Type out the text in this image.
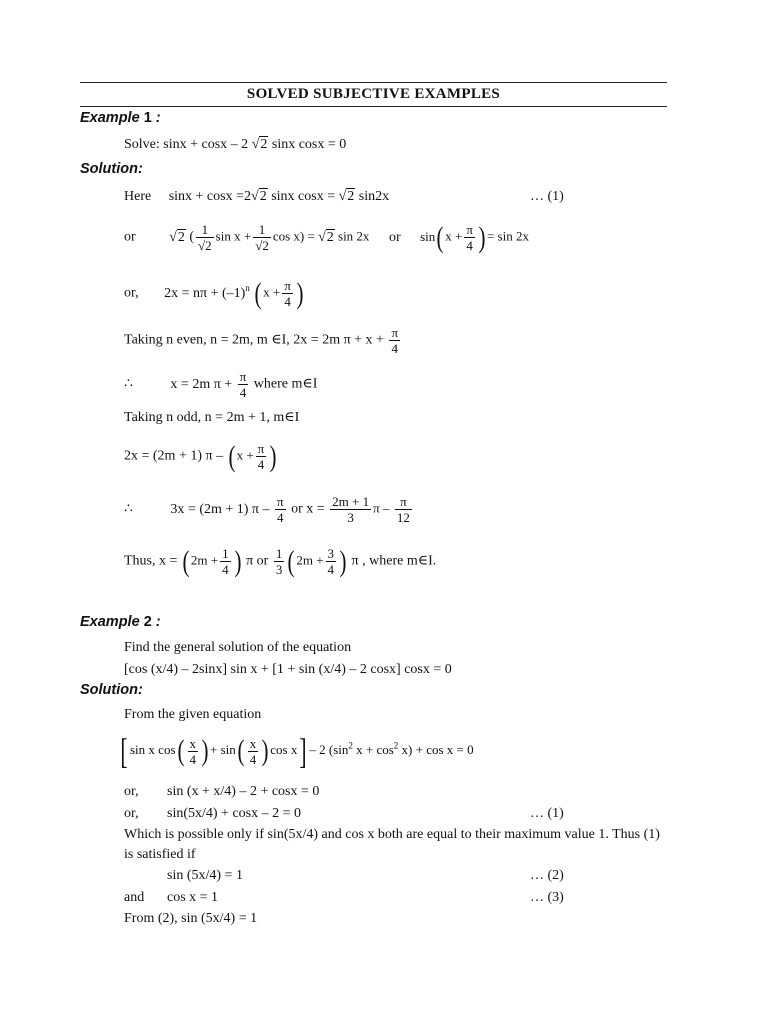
SOLVED SUBJECTIVE EXAMPLES
Example 1 :
Solve: sinx + cosx – 2 √2 sinx cosx = 0
Solution:
Here sinx + cosx =2√2 sinx cosx = √2 sin2x	… (1)
or √2 ( $\frac{1}{√2}$ $\sin x + \frac{1}{√2}$ cos x) = √2 sin 2x or sin( $x + \frac{\pi}{4}$ ) = sin 2x
or, $2x = n\pi + (-1)^n$ ( $x + \frac{\pi}{4}$ )
Taking n even, n = 2m, m ∈I, 2x = 2m $\pi + x + \frac{\pi}{4}$
∴	x = 2m $\pi + \frac{\pi}{4}$ where m∈I
Taking n odd, n = 2m + 1, m∈I
2x = (2m + 1) π – ( $x + \frac{\pi}{4}$ )
∴	3x = (2m + 1) π – $\frac{\pi}{4}$ or $x = \frac{2m + 1}{3}$ π – $\frac{\pi}{12}$
Thus, x = ( $2m + \frac{1}{4}$ ) π or $\frac{1}{3}$ ( $2m + \frac{3}{4}$ ) π , where m∈I.
Example 2 :
Find the general solution of the equation
[cos (x/4) – 2sinx] sin x + [1 + sin (x/4) – 2 cosx] cosx = 0
Solution:
From the given equation
[ sin x $\cos( \frac{x}{4}$ ) + $\sin( \frac{x}{4}$ ) cos x] – 2 ($\sin^2$ $x + \cos^2 x) + \cos x = 0$
or, sin (x + x/4) – 2 + cosx = 0
or, sin(5x/4) + cosx – 2 = 0	… (1)
Which is possible only if sin(5x/4) and cos x both are equal to their maximum value 1. Thus (1) is satisfied if
sin (5x/4) = 1	… (2)
and cos x = 1	… (3)
From (2), sin (5x/4) = 1
